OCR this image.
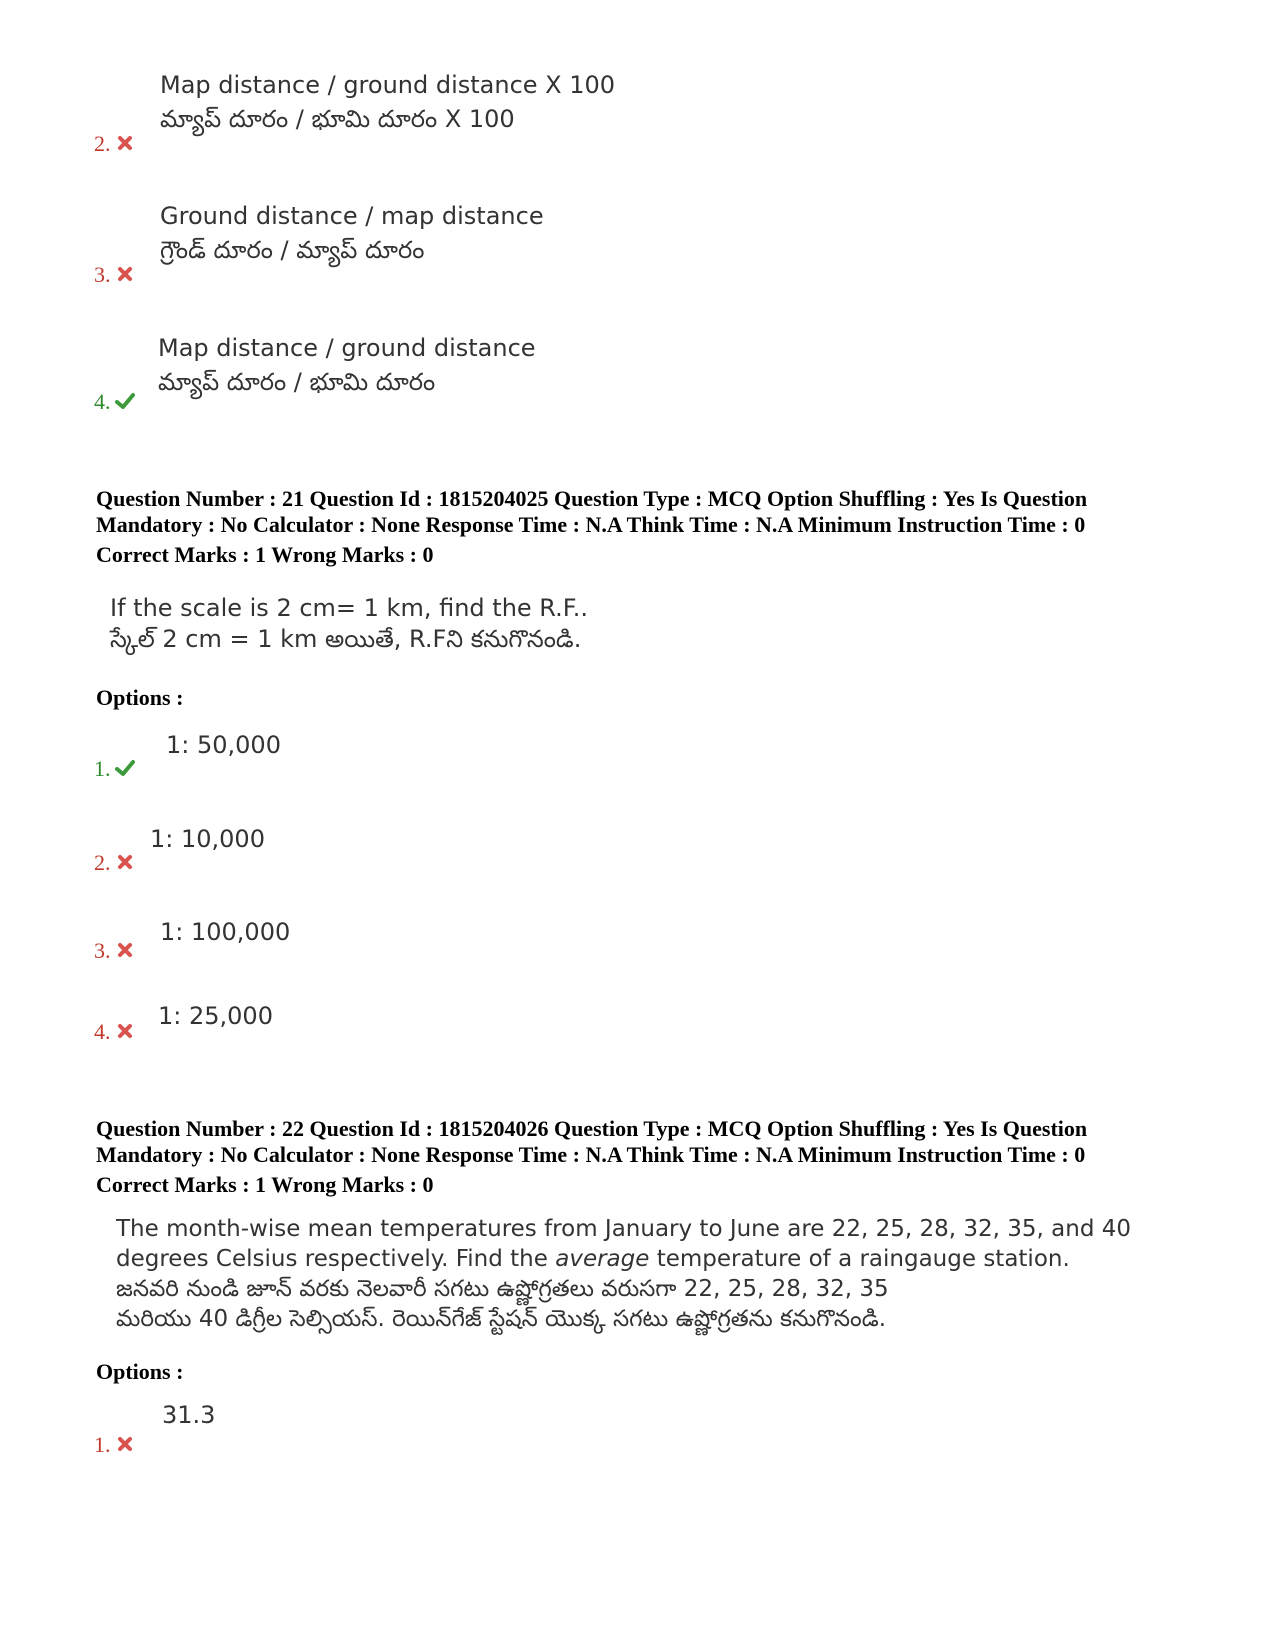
Map distance / ground distance X 100
మ్యాప్ దూరం / భూమి దూరం X 100
2.
Ground distance / map distance
గ్రౌండ్ దూరం / మ్యాప్ దూరం
3.
Map distance / ground distance
మ్యాప్ దూరం / భూమి దూరం
4.
Question Number : 21 Question Id : 1815204025 Question Type : MCQ Option Shuffling : Yes Is Question
Mandatory : No Calculator : None Response Time : N.A Think Time : N.A Minimum Instruction Time : 0
Correct Marks : 1 Wrong Marks : 0
If the scale is 2 cm= 1 km, find the R.F..
స్కేల్ 2 cm = 1 km అయితే, R.Fని కనుగొనండి.
Options :
1: 50,000
1.
1: 10,000
2.
1: 100,000
3.
1: 25,000
4.
Question Number : 22 Question Id : 1815204026 Question Type : MCQ Option Shuffling : Yes Is Question
Mandatory : No Calculator : None Response Time : N.A Think Time : N.A Minimum Instruction Time : 0
Correct Marks : 1 Wrong Marks : 0
The month-wise mean temperatures from January to June are 22, 25, 28, 32, 35, and 40
degrees Celsius respectively. Find the average temperature of a raingauge station.
జనవరి నుండి జూన్ వరకు నెలవారీ సగటు ఉష్ణోగ్రతలు వరుసగా 22, 25, 28, 32, 35
మరియు 40 డిగ్రీల సెల్సియస్. రెయిన్‌గేజ్ స్టేషన్ యొక్క సగటు ఉష్ణోగ్రతను కనుగొనండి.
Options :
31.3
1.
